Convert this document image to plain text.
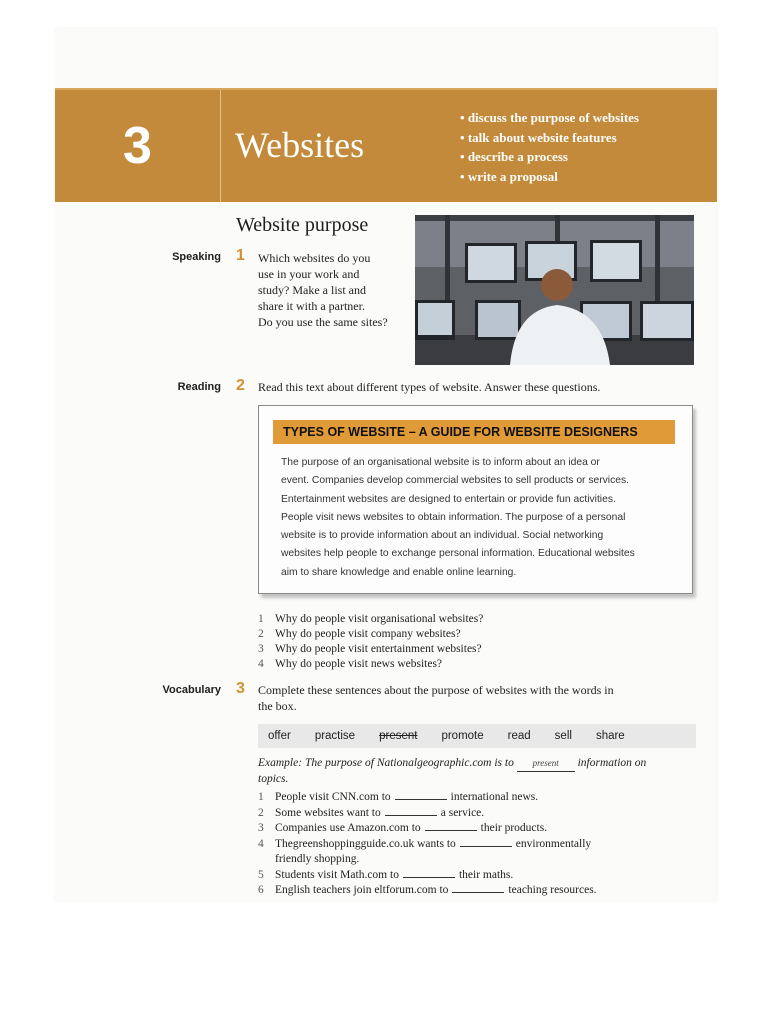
3	Websites
• discuss the purpose of websites
• talk about website features
• describe a process
• write a proposal
Website purpose
Speaking 1 Which websites do you
use in your work and
study? Make a list and
share it with a partner.
Do you use the same sites?
Reading 2 Read this text about different types of website. Answer these questions.
TYPES OF WEBSITE – A GUIDE FOR WEBSITE DESIGNERS
The purpose of an organisational website is to inform about an idea or
event. Companies develop commercial websites to sell products or services.
Entertainment websites are designed to entertain or provide fun activities.
People visit news websites to obtain information. The purpose of a personal
website is to provide information about an individual. Social networking
websites help people to exchange personal information. Educational websites
aim to share knowledge and enable online learning.
1 Why do people visit organisational websites?
2 Why do people visit company websites?
3 Why do people visit entertainment websites?
4 Why do people visit news websites?
Vocabulary 3 Complete these sentences about the purpose of websites with the words in
the box.
offer practise present promote read sell share
Example: The purpose of Nationalgeographic.com is to present information on
topics.
1 People visit CNN.com to	international news.
2 Some websites want to	a service.
3 Companies use Amazon.com to	their products.
4 Thegreenshoppingguide.co.uk wants to	environmentally
friendly shopping.
5 Students visit Math.com to	their maths.
6 English teachers join eltforum.com to	teaching resources.
